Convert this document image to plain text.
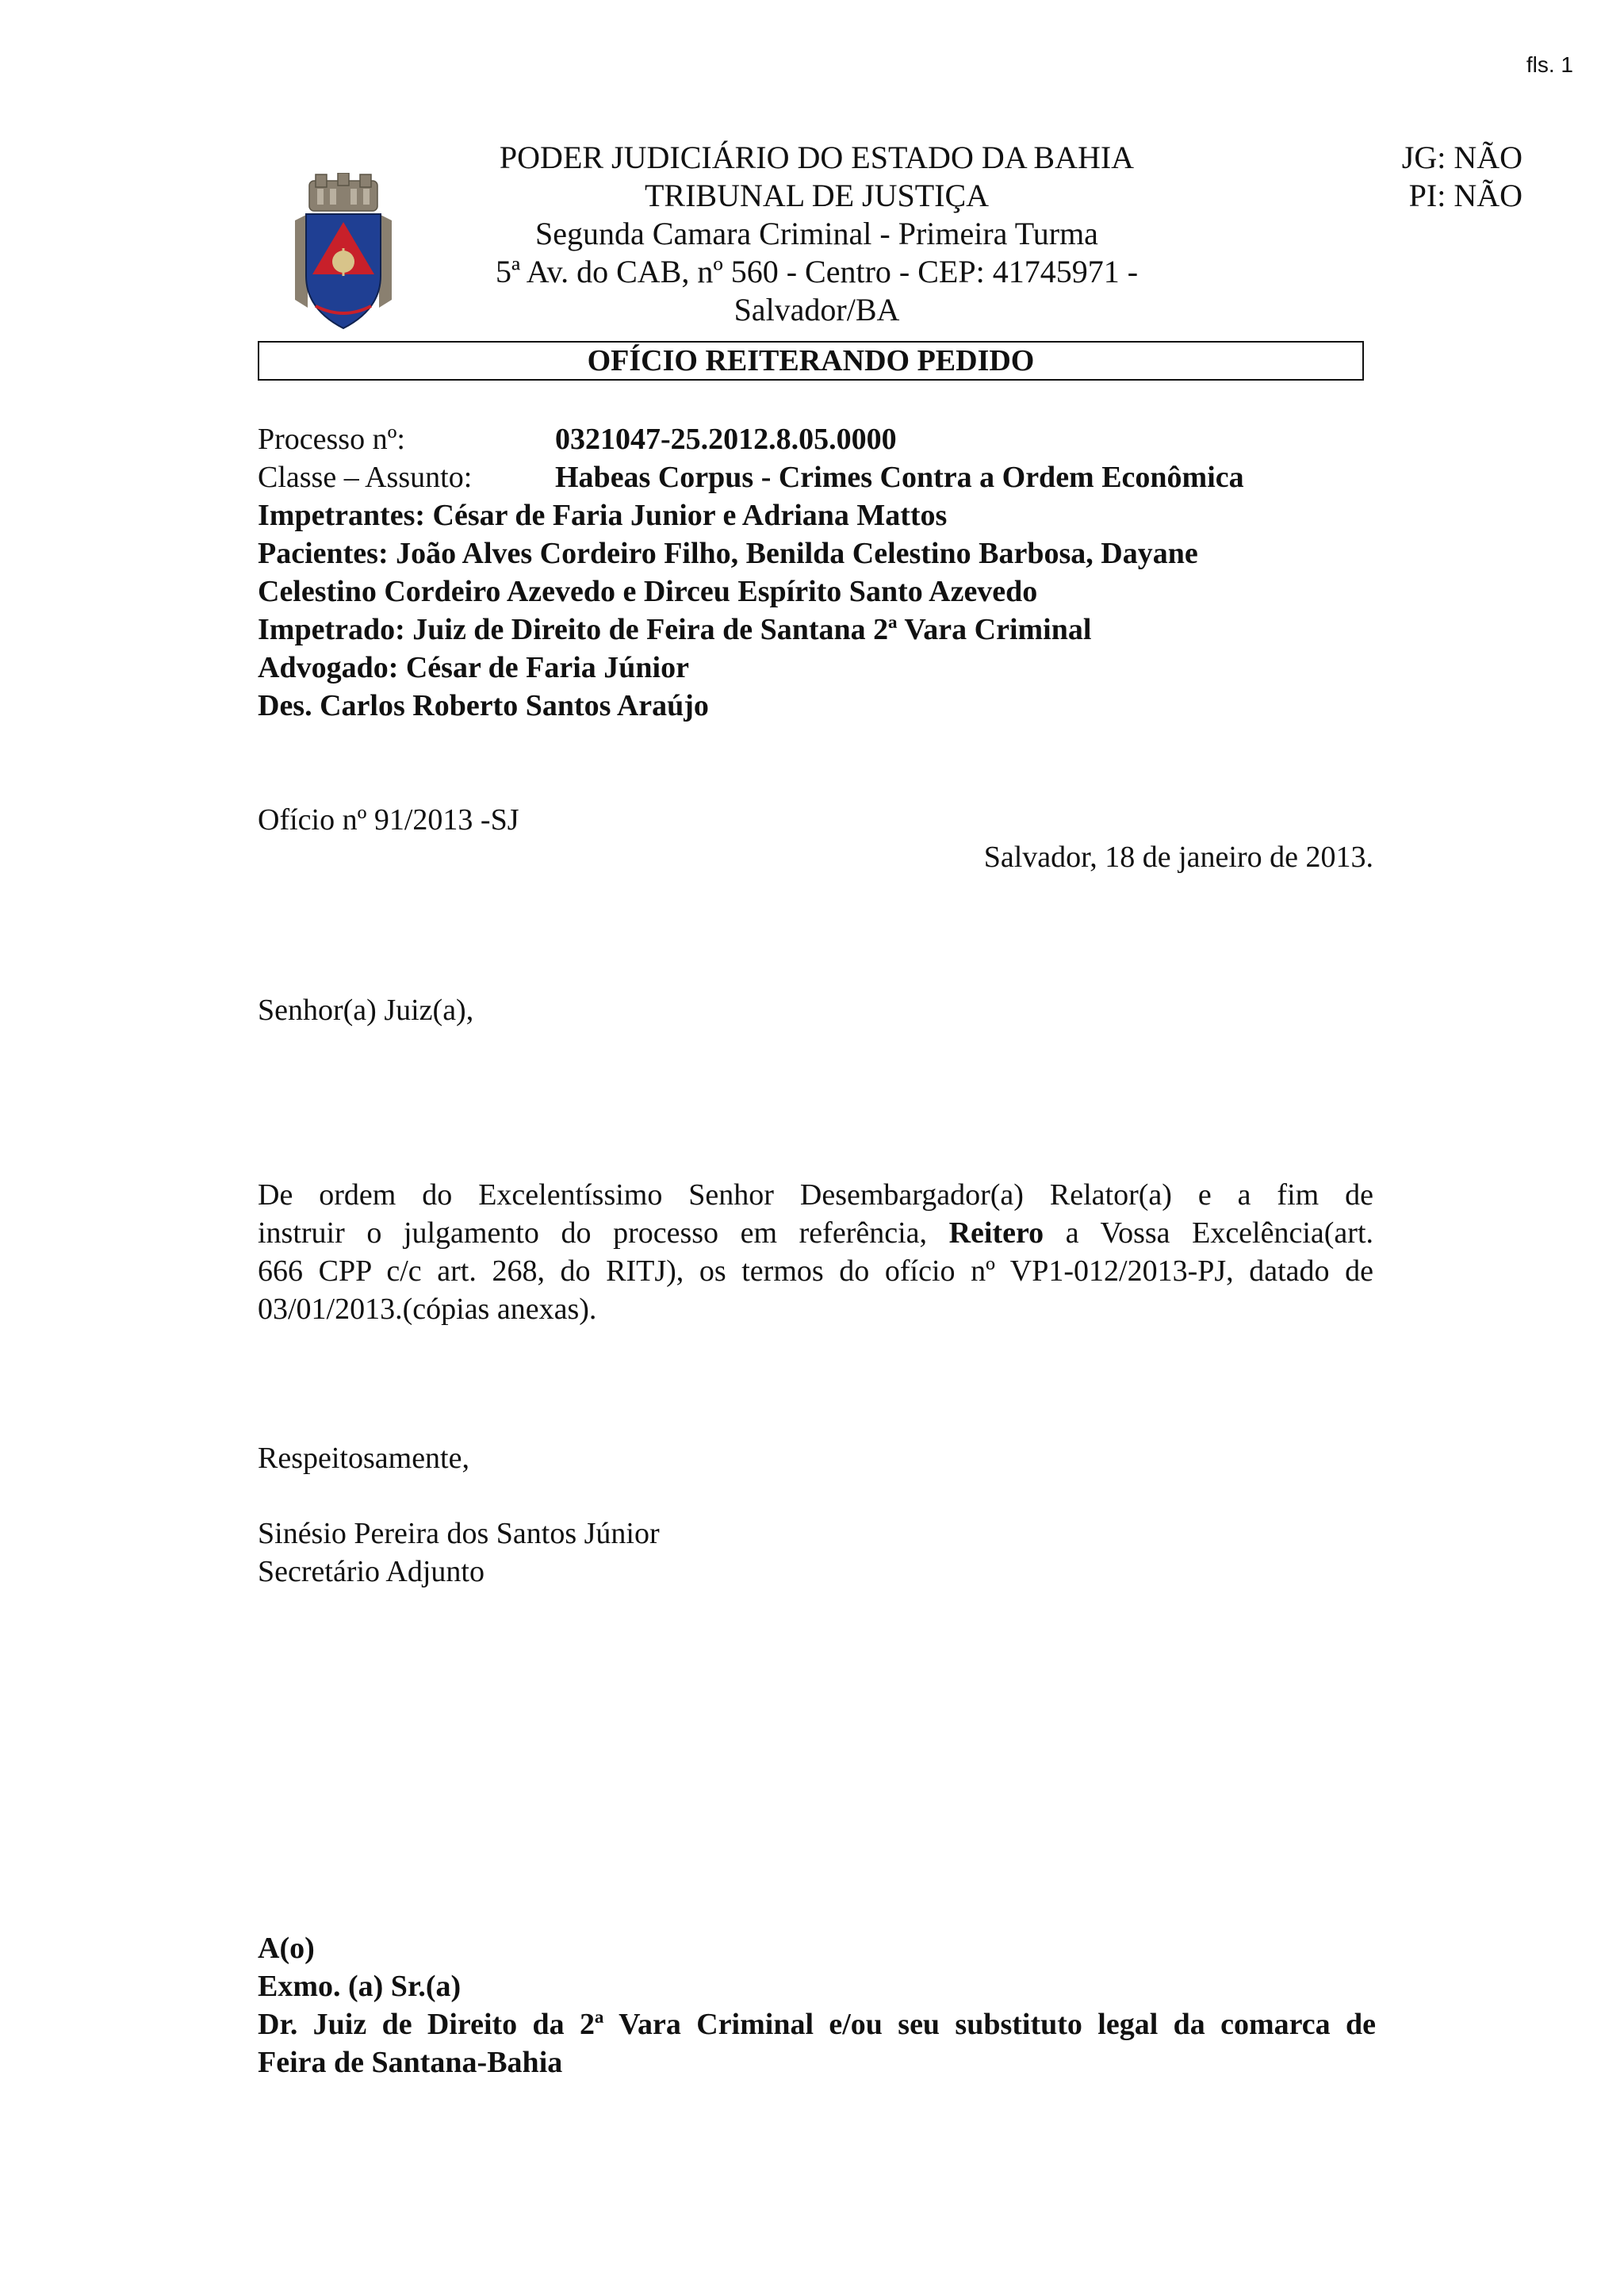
fls. 1
PODER JUDICIÁRIO DO ESTADO DA BAHIA
TRIBUNAL DE JUSTIÇA
Segunda Camara Criminal - Primeira Turma
5ª Av. do CAB, nº 560 - Centro - CEP: 41745971 -
Salvador/BA
JG: NÃO
PI: NÃO
OFÍCIO REITERANDO PEDIDO
Processo nº:	0321047-25.2012.8.05.0000
Classe – Assunto:	Habeas Corpus - Crimes Contra a Ordem Econômica
Impetrantes: César de Faria Junior e Adriana Mattos
Pacientes: João Alves Cordeiro Filho, Benilda Celestino Barbosa, Dayane
Celestino Cordeiro Azevedo e Dirceu Espírito Santo Azevedo
Impetrado: Juiz de Direito de Feira de Santana 2ª Vara Criminal
Advogado: César de Faria Júnior
Des. Carlos Roberto Santos Araújo
Ofício nº 91/2013 -SJ
Salvador, 18 de janeiro de 2013.
Senhor(a) Juiz(a),
De ordem do Excelentíssimo Senhor Desembargador(a) Relator(a) e a fim de
instruir o julgamento do processo em referência, Reitero a Vossa Excelência(art.
666 CPP c/c art. 268, do RITJ), os termos do ofício nº VP1-012/2013-PJ, datado de
03/01/2013.(cópias anexas).
Respeitosamente,
Sinésio Pereira dos Santos Júnior
Secretário Adjunto
A(o)
Exmo. (a) Sr.(a)
Dr. Juiz de Direito da 2ª Vara Criminal e/ou seu substituto legal da comarca de
Feira de Santana-Bahia
